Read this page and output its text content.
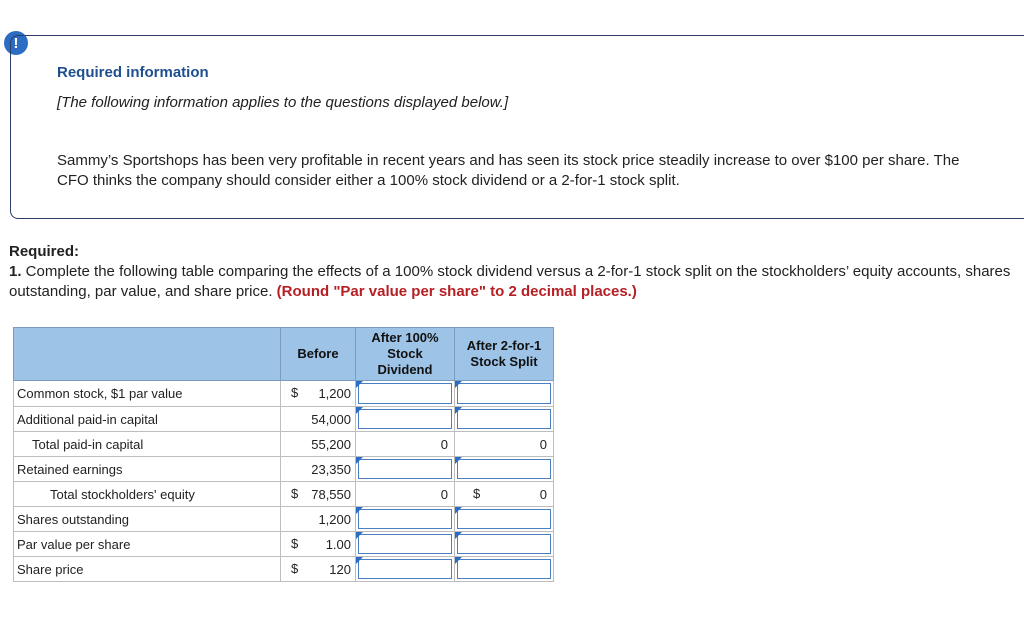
!
Required information
[The following information applies to the questions displayed below.]
Sammy’s Sportshops has been very profitable in recent years and has seen its stock price steadily increase to over $100 per share. The CFO thinks the company should consider either a 100% stock dividend or a 2-for-1 stock split.
Required:
1. Complete the following table comparing the effects of a 100% stock dividend versus a 2-for-1 stock split on the stockholders’ equity accounts, shares outstanding, par value, and share price. (Round "Par value per share" to 2 decimal places.)
	Before	After 100% Stock Dividend	After 2-for-1 Stock Split
Common stock, $1 par value	$ 1,200	

Additional paid-in capital	54,000	

Total paid-in capital	55,200	0	0
Retained earnings	23,350	

Total stockholders' equity	$ 78,550	0	$ 0
Shares outstanding	1,200	

Par value per share	$ 1.00	

Share price	$ 120	
